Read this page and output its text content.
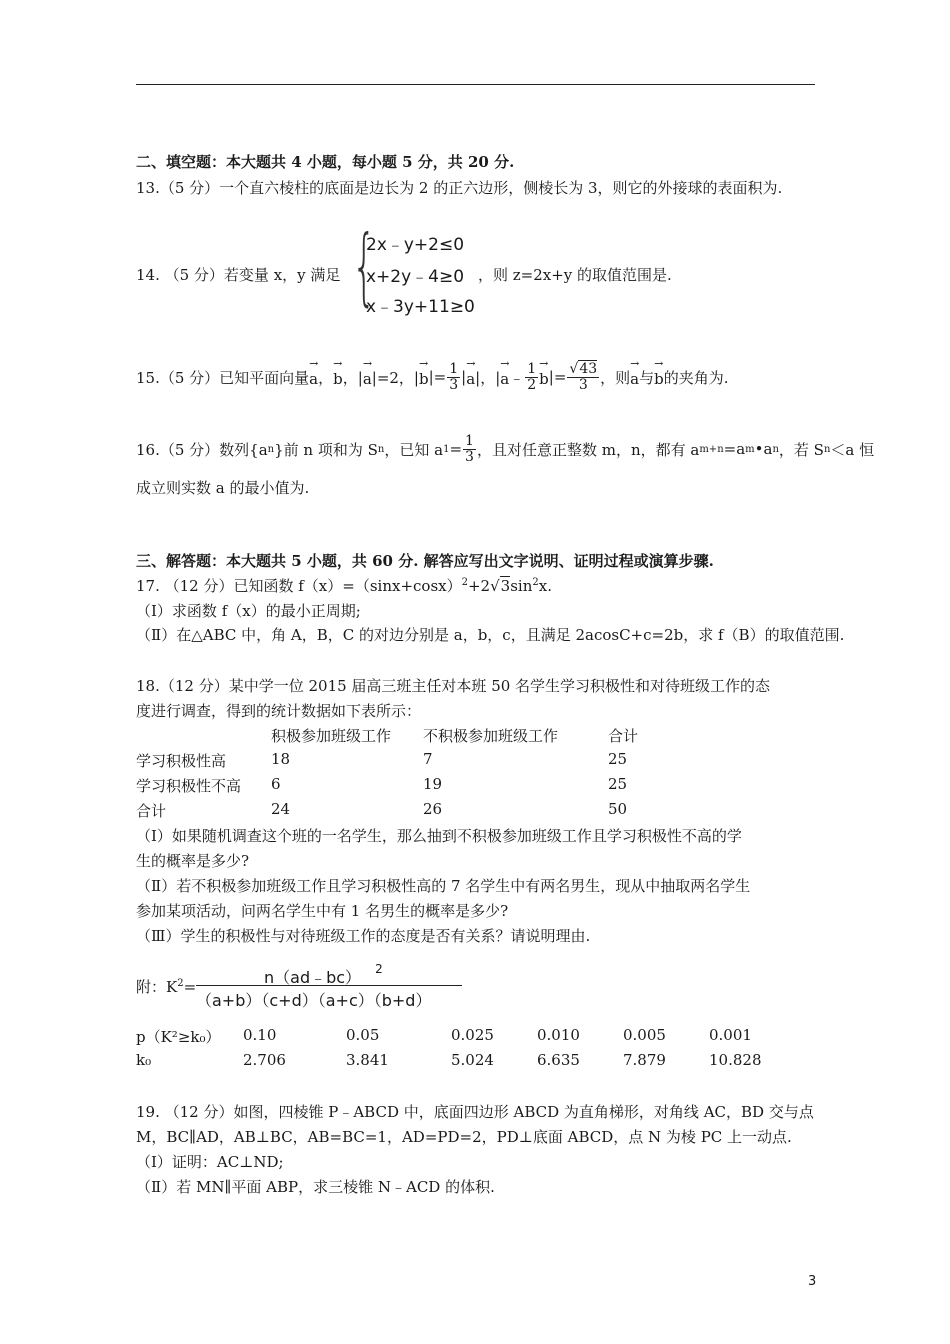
二、填空题：本大题共 4 小题，每小题 5 分，共 20 分.
13.（5 分）一个直六棱柱的底面是边长为 2 的正六边形，侧棱长为 3，则它的外接球的表面积为.
14. （5 分）若变量 x，y 满足 {
2x﹣y+2≤0
x+2y﹣4≥0
x﹣3y+11≥0
，则 z=2x+y 的取值范围是.
15.（5 分）已知平面向量
→ a ，
→ b ，|
→ a |=2，|
→ b |= $\frac{1}{3}$ |
→ a |，|
→ a ﹣ $\frac{1}{2}$
→ b |= $\frac{√43}{3}$ ，则
→ a 与
→ b 的夹角为.
16.（5 分）数列{a n }前 n 项和为 S n ，已知 a $1 = \frac{1}{3}$ ，且对任意正整数 m，n，都有 a m+n =a m •a n ，若 S n ＜a 恒
成立则实数 a 的最小值为.
三、解答题：本大题共 5 小题，共 60 分. 解答应写出文字说明、证明过程或演算步骤.
17. （12 分）已知函数 $f(x)=(\sin x+\cos x)^2+2√3\sin^2x$.
（Ⅰ）求函数 f（x）的最小正周期;
（Ⅱ）在△ABC 中，角 A，B，C 的对边分别是 a，b，c，且满足 2acosC+c=2b，求 f（B）的取值范围.
18.（12 分）某中学一位 2015 届高三班主任对本班 50 名学生学习积极性和对待班级工作的态
度进行调查，得到的统计数据如下表所示：
积极参加班级工作 不积极参加班级工作	合计
学习积极性高	18	7	25
学习积极性不高 6	19	25
合计	24	26	50
（Ⅰ）如果随机调查这个班的一名学生，那么抽到不积极参加班级工作且学习积极性不高的学
生的概率是多少?
（Ⅱ）若不积极参加班级工作且学习积极性高的 7 名学生中有两名男生，现从中抽取两名学生
参加某项活动，问两名学生中有 1 名男生的概率是多少?
（Ⅲ）学生的积极性与对待班级工作的态度是否有关系？请说明理由.
附：$K^2=$	n（ad﹣bc） $^2$
（a+b）（c+d）（a+c）（b+d）
p（K²≥k₀） 0.10	0.05	0.025	0.010	0.005	0.001
k₀	2.706	3.841	5.024	6.635	7.879	10.828
19. （12 分）如图，四棱锥 P﹣ABCD 中，底面四边形 ABCD 为直角梯形，对角线 AC，BD 交与点
M，BC∥AD，AB⊥BC，AB=BC=1，AD=PD=2，PD⊥底面 ABCD，点 N 为棱 PC 上一动点.
（Ⅰ）证明：AC⊥ND;
（Ⅱ）若 MN∥平面 ABP，求三棱锥 N﹣ACD 的体积.
3
